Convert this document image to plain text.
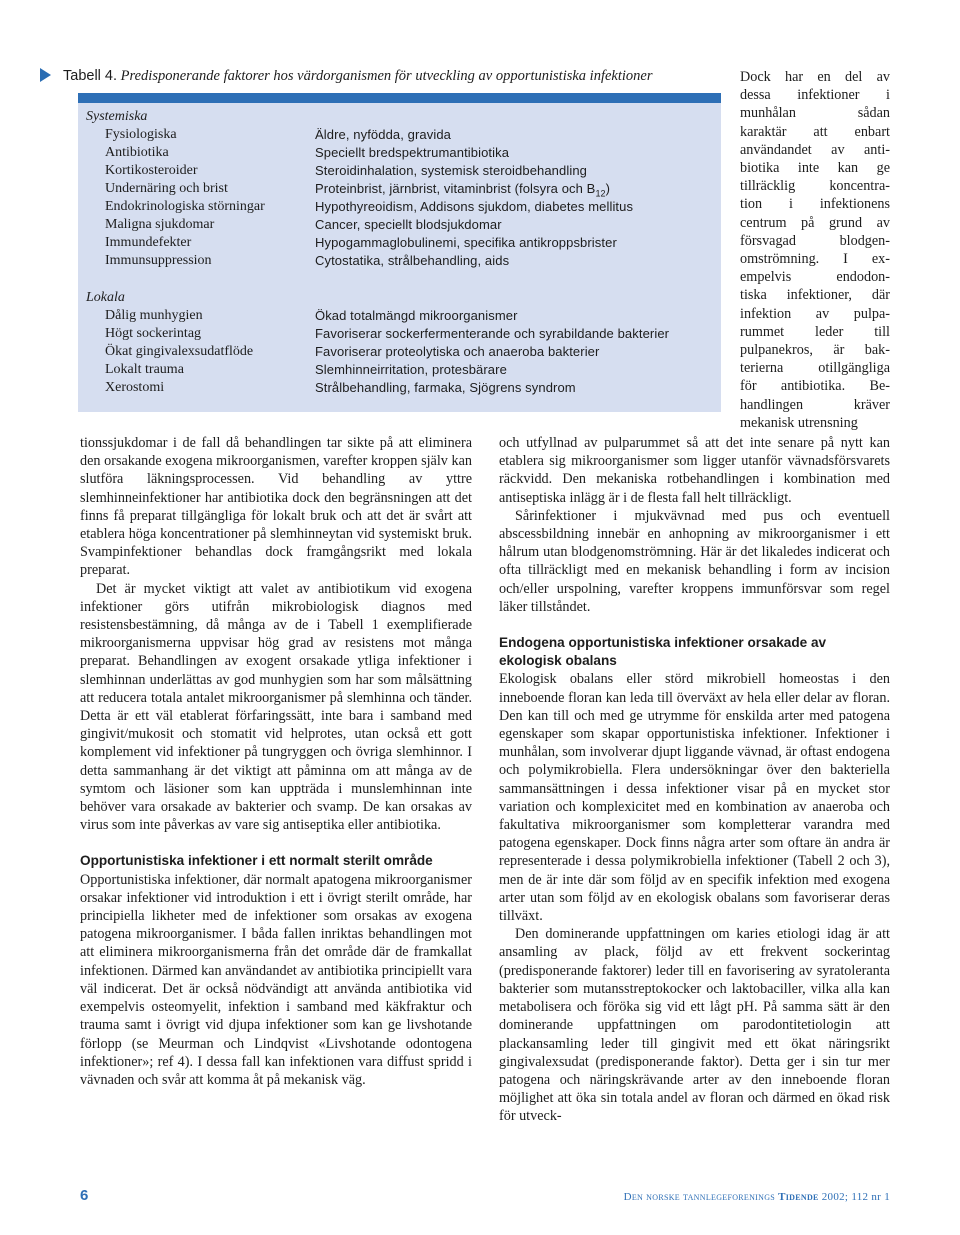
Tabell 4. Predisponerande faktorer hos värdorganismen för utveckling av opportunistiska infektioner
Systemiska
Fysiologiska	Äldre, nyfödda, gravida
Antibiotika	Speciellt bredspektrumantibiotika
Kortikosteroider	Steroidinhalation, systemisk steroidbehandling
Undernäring och brist	Proteinbrist, järnbrist, vitaminbrist (folsyra och $B_{12}$)
Endokrinologiska störningar	Hypothyreoidism, Addisons sjukdom, diabetes mellitus
Maligna sjukdomar	Cancer, speciellt blodsjukdomar
Immundefekter	Hypogammaglobulinemi, specifika antikroppsbrister
Immunsuppression	Cytostatika, strålbehandling, aids
Lokala
Dålig munhygien	Ökad totalmängd mikroorganismer
Högt sockerintag	Favoriserar sockerfermenterande och syrabildande bakterier
Ökat gingivalexsudatflöde	Favoriserar proteolytiska och anaeroba bakterier
Lokalt trauma	Slemhinneirritation, protesbärare
Xerostomi	Strålbehandling, farmaka, Sjögrens syndrom
Dock har en del av
dessa infektioner i
munhålan sådan
karaktär att enbart
användandet av anti-
biotika inte kan ge
tillräcklig koncentra-
tion i infektionens
centrum på grund av
försvagad blodgen-
omströmning. I ex-
empelvis endodon-
tiska infektioner, där
infektion av pulpa-
rummet leder till
pulpanekros, är bak-
terierna otillgängliga
för antibiotika. Be-
handlingen kräver
mekanisk utrensning

tionssjukdomar i de fall då behandlingen tar sikte på att eliminera den orsakande exogena mikroorganismen, varefter kroppen själv kan slutföra läkningsprocessen. Vid behandling av yttre slemhinneinfektioner har antibiotika dock den begränsningen att det finns få preparat tillgängliga för lokalt bruk och att det är svårt att etablera höga koncentrationer på slemhinneytan vid systemiskt bruk. Svampinfektioner behandlas dock framgångsrikt med lokala preparat.

Det är mycket viktigt att valet av antibiotikum vid exogena infektioner görs utifrån mikrobiologisk diagnos med resistensbestämning, då många av de i Tabell 1 exemplifierade mikroorganismerna uppvisar hög grad av resistens mot många preparat. Behandlingen av exogent orsakade ytliga infektioner i slemhinnan underlättas av god munhygien som har som målsättning att reducera totala antalet mikroorganismer på slemhinna och tänder. Detta är ett väl etablerat förfaringssätt, inte bara i samband med gingivit/mukosit och stomatit vid helprotes, utan också ett gott komplement vid infektioner på tungryggen och övriga slemhinnor. I detta sammanhang är det viktigt att påminna om att många av de symtom och läsioner som kan uppträda i munslemhinnan inte behöver vara orsakade av bakterier och svamp. De kan orsakas av virus som inte påverkas av vare sig antiseptika eller antibiotika.

Opportunistiska infektioner i ett normalt sterilt område

Opportunistiska infektioner, där normalt apatogena mikroorganismer orsakar infektioner vid introduktion i ett i övrigt sterilt område, har principiella likheter med de infektioner som orsakas av exogena patogena mikroorganismer. I båda fallen inriktas behandlingen mot att eliminera mikroorganismerna från det område där de framkallat infektionen. Därmed kan användandet av antibiotika principiellt vara väl indicerat. Det är också nödvändigt att använda antibiotika vid exempelvis osteomyelit, infektion i samband med käkfraktur och trauma samt i övrigt vid djupa infektioner som kan ge livshotande förlopp (se Meurman och Lindqvist «Livshotande odontogena infektioner»; ref 4). I dessa fall kan infektionen vara diffust spridd i vävnaden och svår att komma åt på mekanisk väg.

och utfyllnad av pulparummet så att det inte senare på nytt kan etablera sig mikroorganismer som ligger utanför vävnadsförsvarets räckvidd. Den mekaniska rotbehandlingen i kombination med antiseptiska inlägg är i de flesta fall helt tillräckligt.

Sårinfektioner i mjukvävnad med pus och eventuell abscessbildning innebär en anhopning av mikroorganismer i ett hålrum utan blodgenomströmning. Här är det likaledes indicerat och ofta tillräckligt med en mekanisk behandling i form av incision och/eller urspolning, varefter kroppens immunförsvar som regel läker tillståndet.

Endogena opportunistiska infektioner orsakade av ekologisk obalans

Ekologisk obalans eller störd mikrobiell homeostas i den inneboende floran kan leda till överväxt av hela eller delar av floran. Den kan till och med ge utrymme för enskilda arter med patogena egenskaper som skapar opportunistiska infektioner. Infektioner i munhålan, som involverar djupt liggande vävnad, är oftast endogena och polymikrobiella. Flera undersökningar över den bakteriella sammansättningen i dessa infektioner visar på en mycket stor variation och komplexicitet med en kombination av anaeroba och fakultativa mikroorganismer som kompletterar varandra med patogena egenskaper. Dock finns några arter som oftare än andra är representerade i dessa polymikrobiella infektioner (Tabell 2 och 3), men de är inte där som följd av en specifik infektion med exogena arter utan som följd av en ekologisk obalans som favoriserar deras tillväxt.

Den dominerande uppfattningen om karies etiologi idag är att ansamling av plack, följd av ett frekvent sockerintag (predisponerande faktorer) leder till en favorisering av syratoleranta bakterier som mutansstreptokocker och laktobaciller, vilka alla kan metabolisera och föröka sig vid ett lågt pH. På samma sätt är den dominerande uppfattningen om parodontitetiologin att plackansamling leder till gingivit med ett ökat näringsrikt gingivalexsudat (predisponerande faktor). Detta ger i sin tur mer patogena och näringskrävande arter av den inneboende floran möjlighet att öka sin totala andel av floran och därmed en ökad risk för utveck-

6	Den norske tannlegeforenings Tidende 2002; 112 nr 1
